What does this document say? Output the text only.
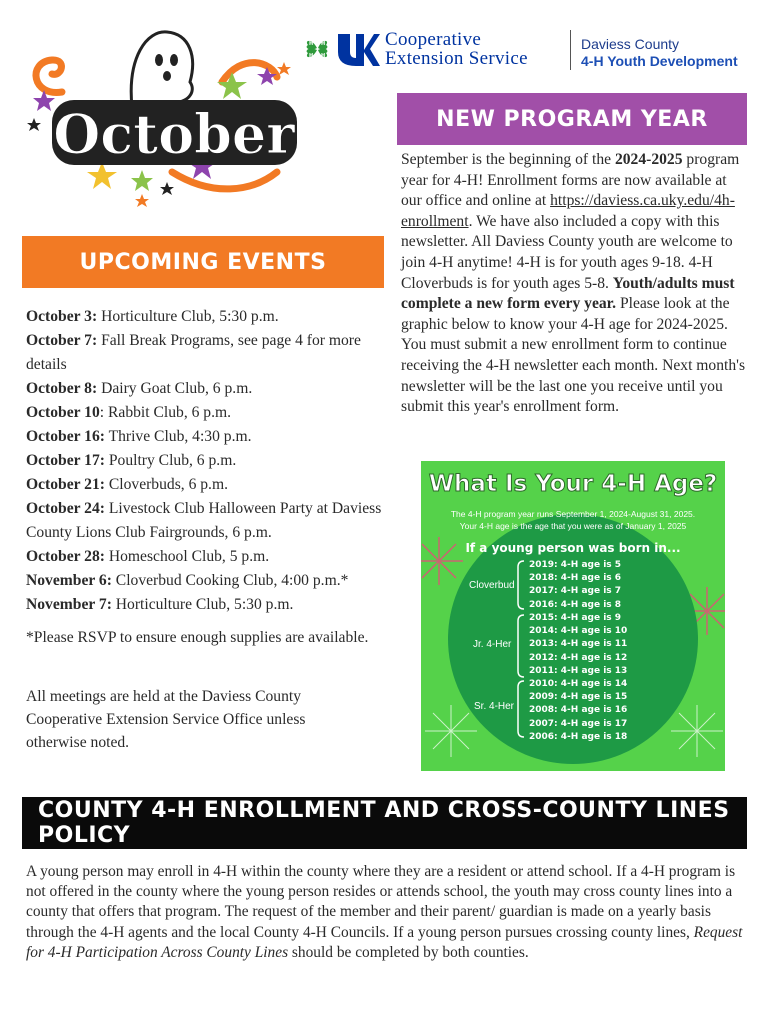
H H
H H
Cooperative
Extension Service
Daviess County
4-H Youth Development
October
UPCOMING EVENTS
October 3: Horticulture Club, 5:30 p.m.
October 7: Fall Break Programs, see page 4 for more details
October 8: Dairy Goat Club, 6 p.m.
October 10: Rabbit Club, 6 p.m.
October 16: Thrive Club, 4:30 p.m.
October 17: Poultry Club, 6 p.m.
October 21: Cloverbuds, 6 p.m.
October 24: Livestock Club Halloween Party at Daviess County Lions Club Fairgrounds, 6 p.m.
October 28: Homeschool Club, 5 p.m.
November 6: Cloverbud Cooking Club, 4:00 p.m.*
November 7: Horticulture Club, 5:30 p.m.
*Please RSVP to ensure enough supplies are available.
All meetings are held at the Daviess County Cooperative Extension Service Office unless otherwise noted.
NEW PROGRAM YEAR
September is the beginning of the 2024-2025 program year for 4-H! Enrollment forms are now available at our office and online at https://daviess.ca.uky.edu/4h-enrollment. We have also included a copy with this newsletter. All Daviess County youth are welcome to join 4-H anytime! 4-H is for youth ages 9-18. 4-H Cloverbuds is for youth ages 5-8. Youth/adults must complete a new form every year. Please look at the graphic below to know your 4-H age for 2024-2025. You must submit a new enrollment form to continue receiving the 4-H newsletter each month. Next month's newsletter will be the last one you receive until you submit this year's enrollment form.
What Is Your 4-H Age?
The 4-H program year runs September 1, 2024-August 31, 2025.
Your 4-H age is the age that you were as of January 1, 2025
If a young person was born in...
Cloverbud
Jr. 4-Her
Sr. 4-Her
2019: 4-H age is 5
2018: 4-H age is 6
2017: 4-H age is 7
2016: 4-H age is 8
2015: 4-H age is 9
2014: 4-H age is 10
2013: 4-H age is 11
2012: 4-H age is 12
2011: 4-H age is 13
2010: 4-H age is 14
2009: 4-H age is 15
2008: 4-H age is 16
2007: 4-H age is 17
2006: 4-H age is 18
COUNTY 4-H ENROLLMENT AND CROSS-COUNTY LINES POLICY
A young person may enroll in 4-H within the county where they are a resident or attend school. If a 4-H program is not offered in the county where the young person resides or attends school, the youth may cross county lines into a county that offers that program. The request of the member and their parent/ guardian is made on a yearly basis through the 4-H agents and the local County 4-H Councils. If a young person pursues crossing county lines, Request for 4-H Participation Across County Lines should be completed by both counties.
